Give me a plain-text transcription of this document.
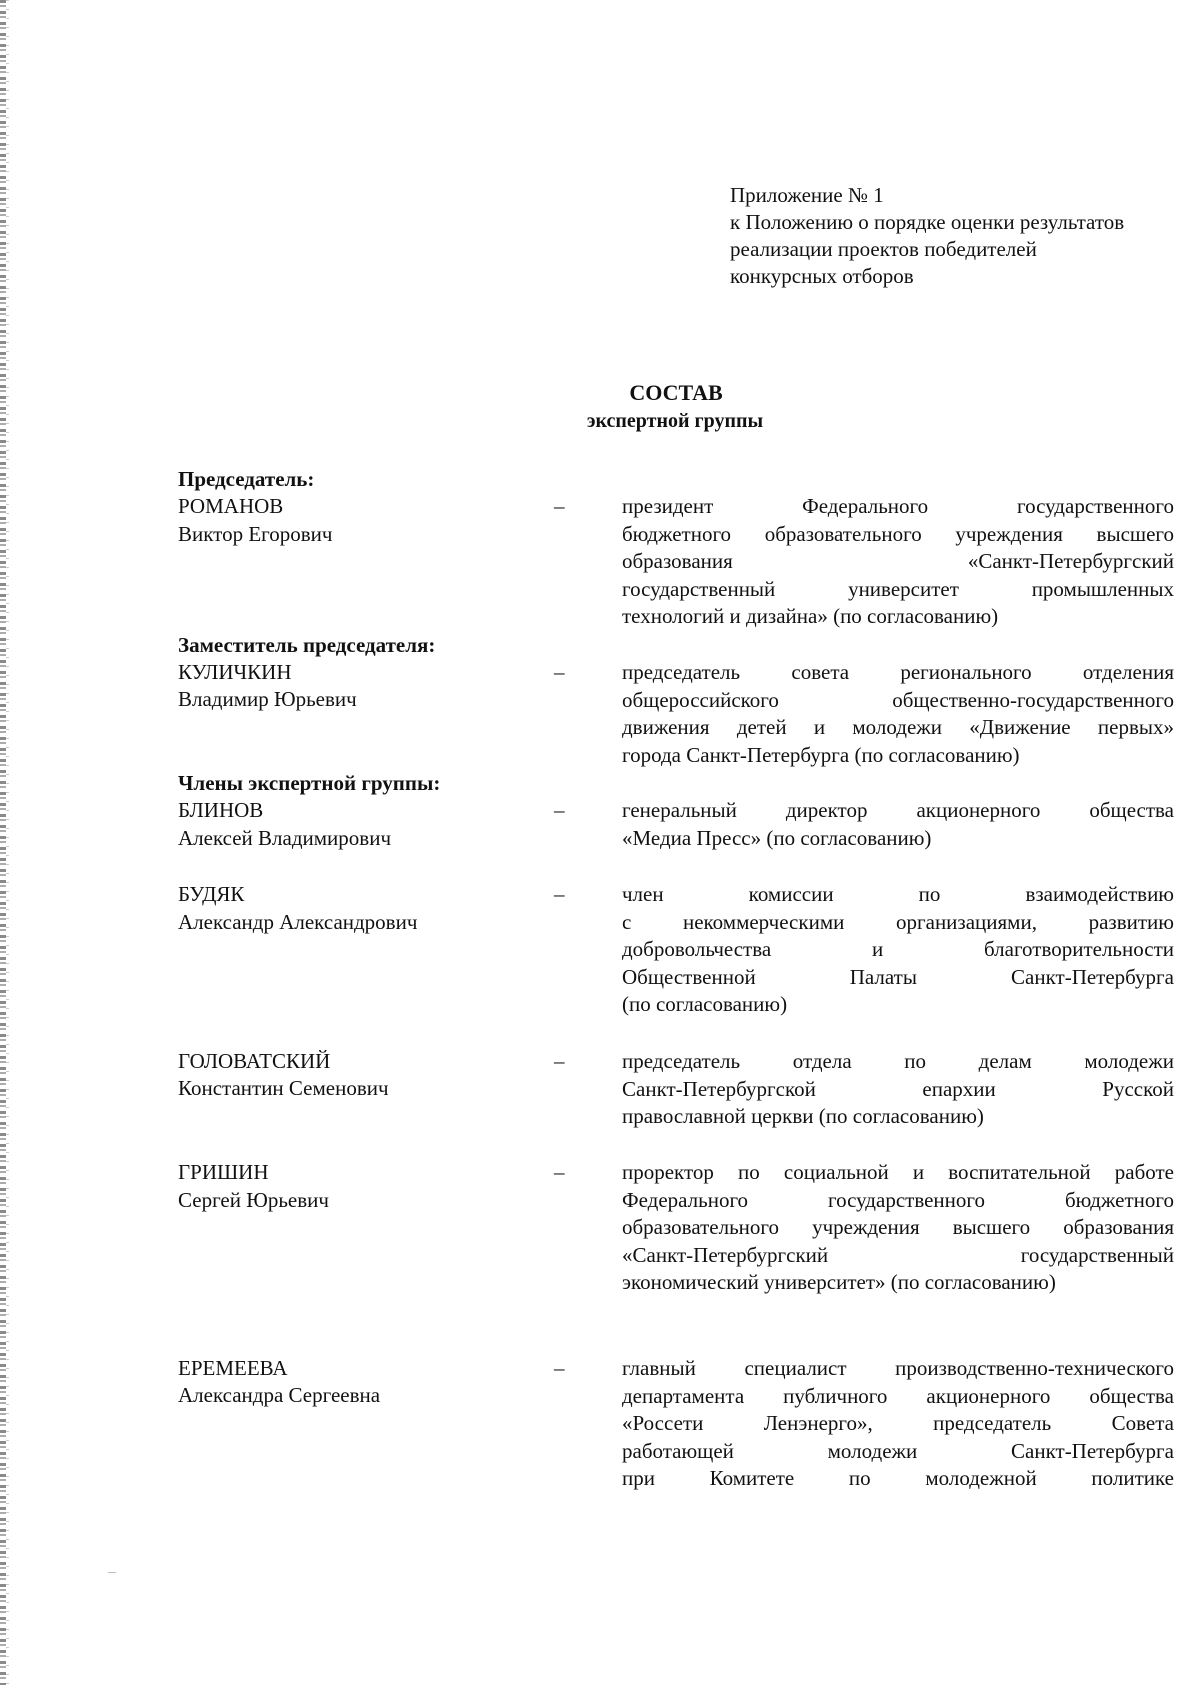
Приложение № 1
к Положению о порядке оценки результатов
реализации проектов победителей
конкурсных отборов
СОСТАВ
экспертной группы
Председатель:
РОМАНОВ
Виктор Егорович
–	президент Федерального государственного
бюджетного образовательного учреждения высшего
образования «Санкт-Петербургский
государственный университет промышленных
технологий и дизайна» (по согласованию)
Заместитель председателя:
КУЛИЧКИН
Владимир Юрьевич
–	председатель совета регионального отделения
общероссийского общественно-государственного
движения детей и молодежи «Движение первых»
города Санкт-Петербурга (по согласованию)
Члены экспертной группы:
БЛИНОВ
Алексей Владимирович
–	генеральный директор акционерного общества
«Медиа Пресс» (по согласованию)
БУДЯК
Александр Александрович
–	член комиссии по взаимодействию
с некоммерческими организациями, развитию
добровольчества и благотворительности
Общественной Палаты Санкт-Петербурга
(по согласованию)
ГОЛОВАТСКИЙ
Константин Семенович
–	председатель отдела по делам молодежи
Санкт-Петербургской епархии Русской
православной церкви (по согласованию)
ГРИШИН
Сергей Юрьевич
–	проректор по социальной и воспитательной работе
Федерального государственного бюджетного
образовательного учреждения высшего образования
«Санкт-Петербургский государственный
экономический университет» (по согласованию)
ЕРЕМЕЕВА
Александра Сергеевна
–	главный специалист производственно-технического
департамента публичного акционерного общества
«Россети Ленэнерго», председатель Совета
работающей молодежи Санкт-Петербурга
при Комитете по молодежной политике
